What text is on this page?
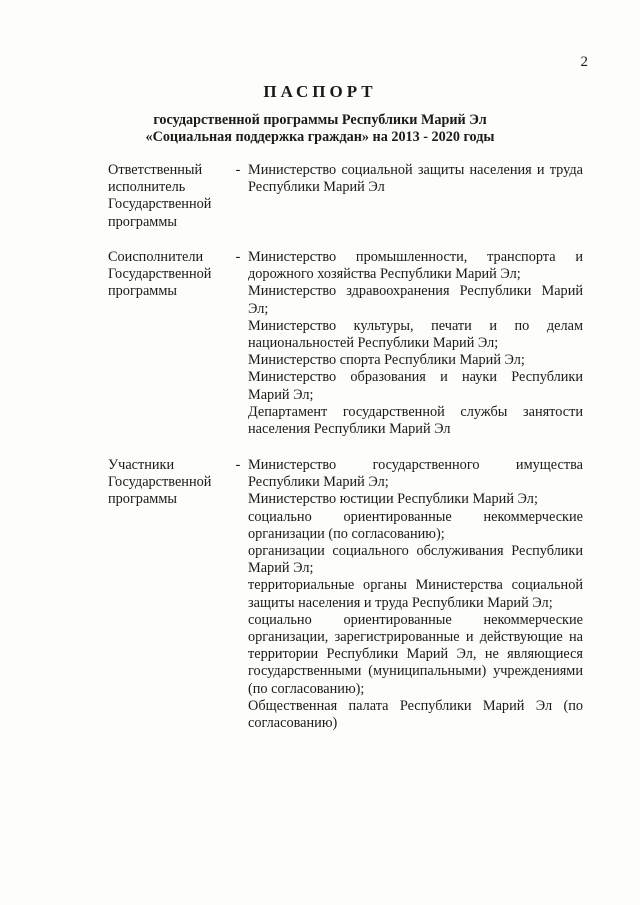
2
ПАСПОРТ
государственной программы Республики Марий Эл
«Социальная поддержка граждан» на 2013 - 2020 годы
Ответственный исполнитель Государственной программы
- Министерство социальной защиты населения и труда Республики Марий Эл
Соисполнители Государственной программы
- Министерство промышленности, транспорта и дорожного хозяйства Республики Марий Эл;
Министерство здравоохранения Республики Марий Эл;
Министерство культуры, печати и по делам национальностей Республики Марий Эл;
Министерство спорта Республики Марий Эл;
Министерство образования и науки Республики Марий Эл;
Департамент государственной службы занятости населения Республики Марий Эл
Участники Государственной программы
- Министерство государственного имущества Республики Марий Эл;
Министерство юстиции Республики Марий Эл;
социально ориентированные некоммерческие организации (по согласованию);
организации социального обслуживания Республики Марий Эл;
территориальные органы Министерства социальной защиты населения и труда Республики Марий Эл;
социально ориентированные некоммерческие организации, зарегистрированные и действующие на территории Республики Марий Эл, не являющиеся государственными (муниципальными) учреждениями (по согласованию);
Общественная палата Республики Марий Эл (по согласованию)
